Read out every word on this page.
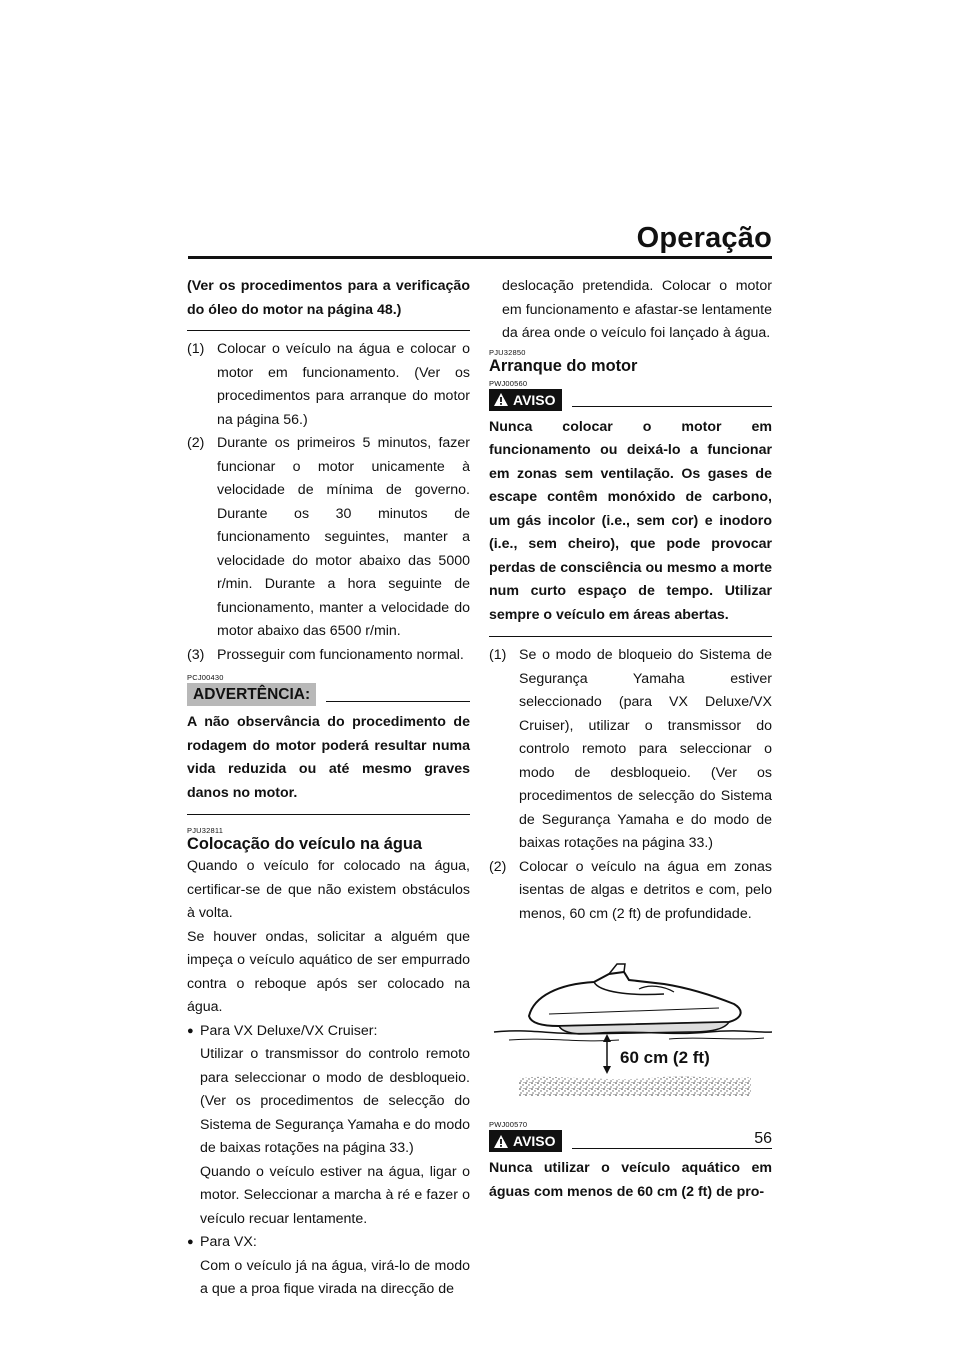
Operação

(Ver os procedimentos para a verificação do óleo do motor na página 48.)

(1) Colocar o veículo na água e colocar o motor em funcionamento. (Ver os procedimentos para arranque do motor na página 56.)
(2) Durante os primeiros 5 minutos, fazer funcionar o motor unicamente à velocidade de mínima de governo. Durante os 30 minutos de funcionamento seguintes, manter a velocidade do motor abaixo das 5000 r/min. Durante a hora seguinte de funcionamento, manter a velocidade do motor abaixo das 6500 r/min.
(3) Prosseguir com funcionamento normal.
PCJ00430
ADVERTÊNCIA:

A não observância do procedimento de rodagem do motor poderá resultar numa vida reduzida ou até mesmo graves danos no motor.

PJU32811
Colocação do veículo na água

Quando o veículo for colocado na água, certificar-se de que não existem obstáculos à volta.

Se houver ondas, solicitar a alguém que impeça o veículo aquático de ser empurrado contra o reboque após ser colocado na água.

● Para VX Deluxe/VX Cruiser:

Utilizar o transmissor do controlo remoto para seleccionar o modo de desbloqueio. (Ver os procedimentos de selecção do Sistema de Segurança Yamaha e do modo de baixas rotações na página 33.)

Quando o veículo estiver na água, ligar o motor. Seleccionar a marcha à ré e fazer o veículo recuar lentamente.

● Para VX:

Com o veículo já na água, virá-lo de modo a que a proa fique virada na direcção de

deslocação pretendida. Colocar o motor em funcionamento e afastar-se lentamente da área onde o veículo foi lançado à água.

PJU32850
Arranque do motor
PWJ00560
AVISO

Nunca colocar o motor em funcionamento ou deixá-lo a funcionar em zonas sem ventilação. Os gases de escape contêm monóxido de carbono, um gás incolor (i.e., sem cor) e inodoro (i.e., sem cheiro), que pode provocar perdas de consciência ou mesmo a morte num curto espaço de tempo. Utilizar sempre o veículo em áreas abertas.

(1) Se o modo de bloqueio do Sistema de Segurança Yamaha estiver seleccionado (para VX Deluxe/VX Cruiser), utilizar o transmissor do controlo remoto para seleccionar o modo de desbloqueio. (Ver os procedimentos de selecção do Sistema de Segurança Yamaha e do modo de baixas rotações na página 33.)
(2) Colocar o veículo na água em zonas isentas de algas e detritos e com, pelo menos, 60 cm (2 ft) de profundidade.
60 cm (2 ft)
PWJ00570
AVISO

Nunca utilizar o veículo aquático em águas com menos de 60 cm (2 ft) de pro-

56
